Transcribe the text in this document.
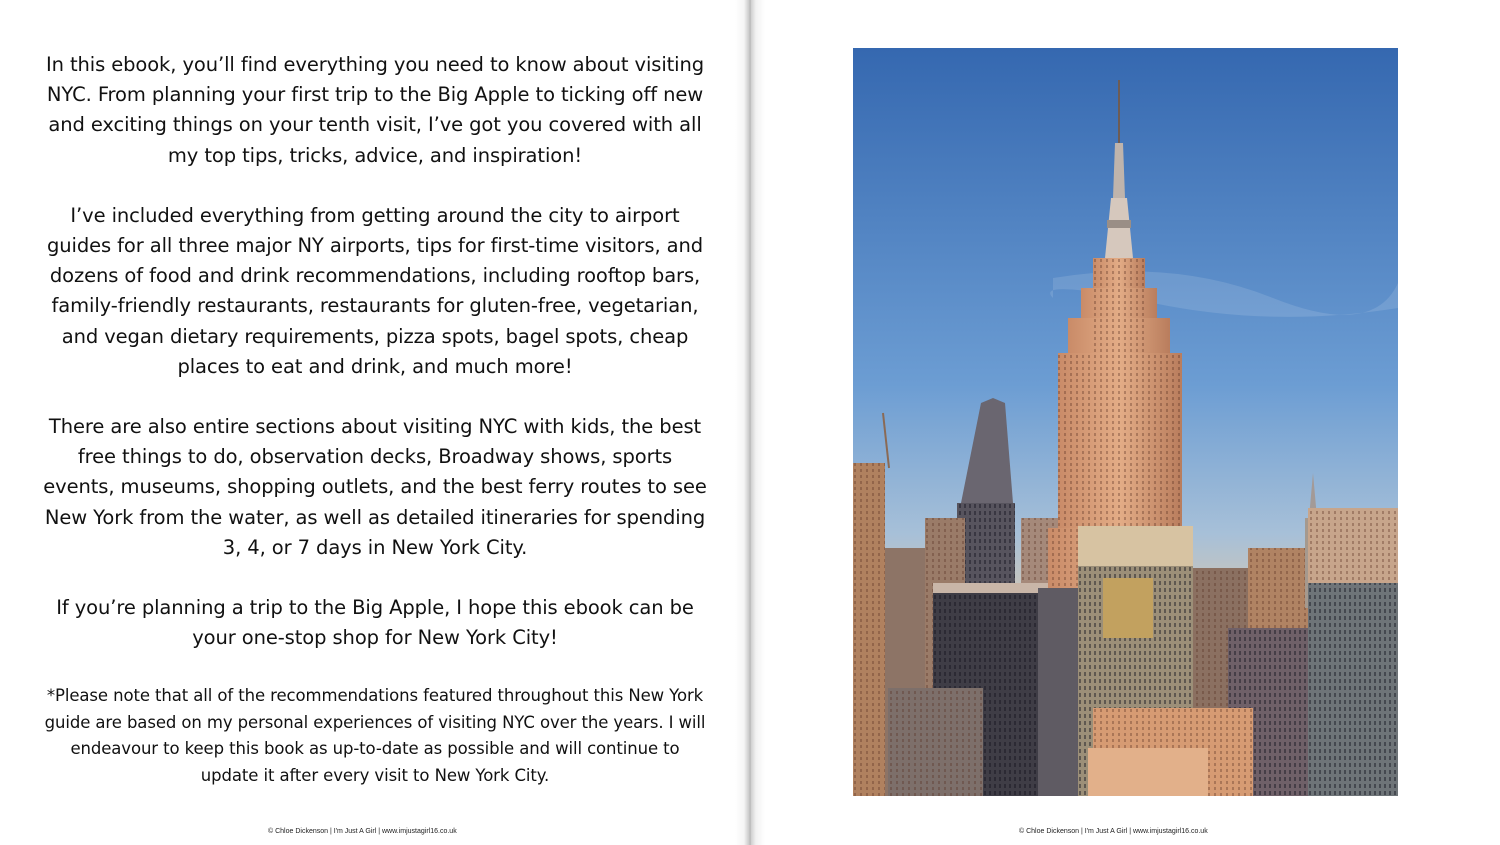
In this ebook, you’ll find everything you need to know about visiting NYC. From planning your first trip to the Big Apple to ticking off new and exciting things on your tenth visit, I’ve got you covered with all my top tips, tricks, advice, and inspiration!

I’ve included everything from getting around the city to airport guides for all three major NY airports, tips for first-time visitors, and dozens of food and drink recommendations, including rooftop bars, family-friendly restaurants, restaurants for gluten-free, vegetarian, and vegan dietary requirements, pizza spots, bagel spots, cheap places to eat and drink, and much more!

There are also entire sections about visiting NYC with kids, the best free things to do, observation decks, Broadway shows, sports events, museums, shopping outlets, and the best ferry routes to see New York from the water, as well as detailed itineraries for spending 3, 4, or 7 days in New York City.

If you’re planning a trip to the Big Apple, I hope this ebook can be your one-stop shop for New York City!

*Please note that all of the recommendations featured throughout this New York guide are based on my personal experiences of visiting NYC over the years. I will endeavour to keep this book as up-to-date as possible and will continue to update it after every visit to New York City.

© Chloe Dickenson | I'm Just A Girl | www.imjustagirl16.co.uk	© Chloe Dickenson | I'm Just A Girl | www.imjustagirl16.co.uk
